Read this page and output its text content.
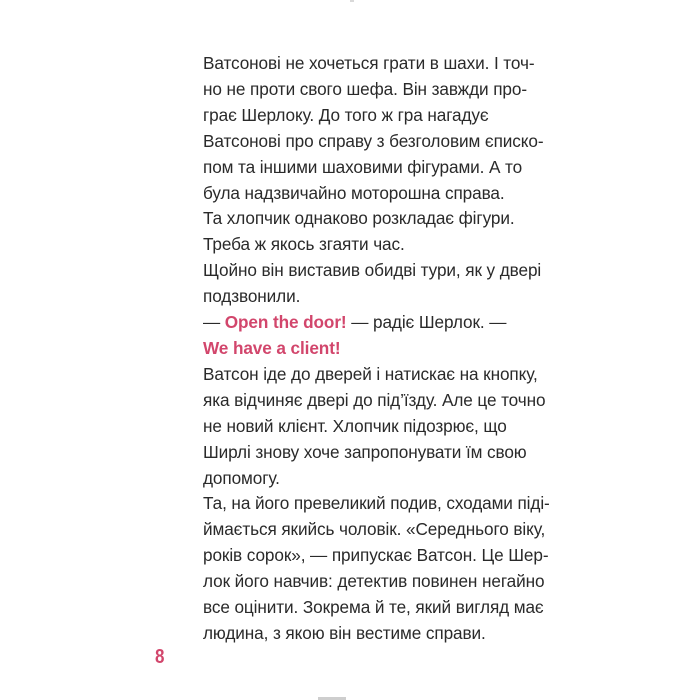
Ватсонові не хочеться грати в шахи. І точ-
но не проти свого шефа. Він завжди про-
грає Шерлоку. До того ж гра нагадує
Ватсонові про справу з безголовим єписко-
пом та іншими шаховими фігурами. А то
була надзвичайно моторошна справа.
Та хлопчик однаково розкладає фігури.
Треба ж якось згаяти час.
Щойно він виставив обидві тури, як у двері
подзвонили.
— Open the door! — радіє Шерлок. —
We have a client!
Ватсон іде до дверей і натискає на кнопку,
яка відчиняє двері до під’їзду. Але це точно
не новий клієнт. Хлопчик підозрює, що
Ширлі знову хоче запропонувати їм свою
допомогу.
Та, на його превеликий подив, сходами піді-
ймається якийсь чоловік. «Середнього віку,
років сорок», — припускає Ватсон. Це Шер-
лок його навчив: детектив повинен негайно
все оцінити. Зокрема й те, який вигляд має
людина, з якою він вестиме справи.
8
